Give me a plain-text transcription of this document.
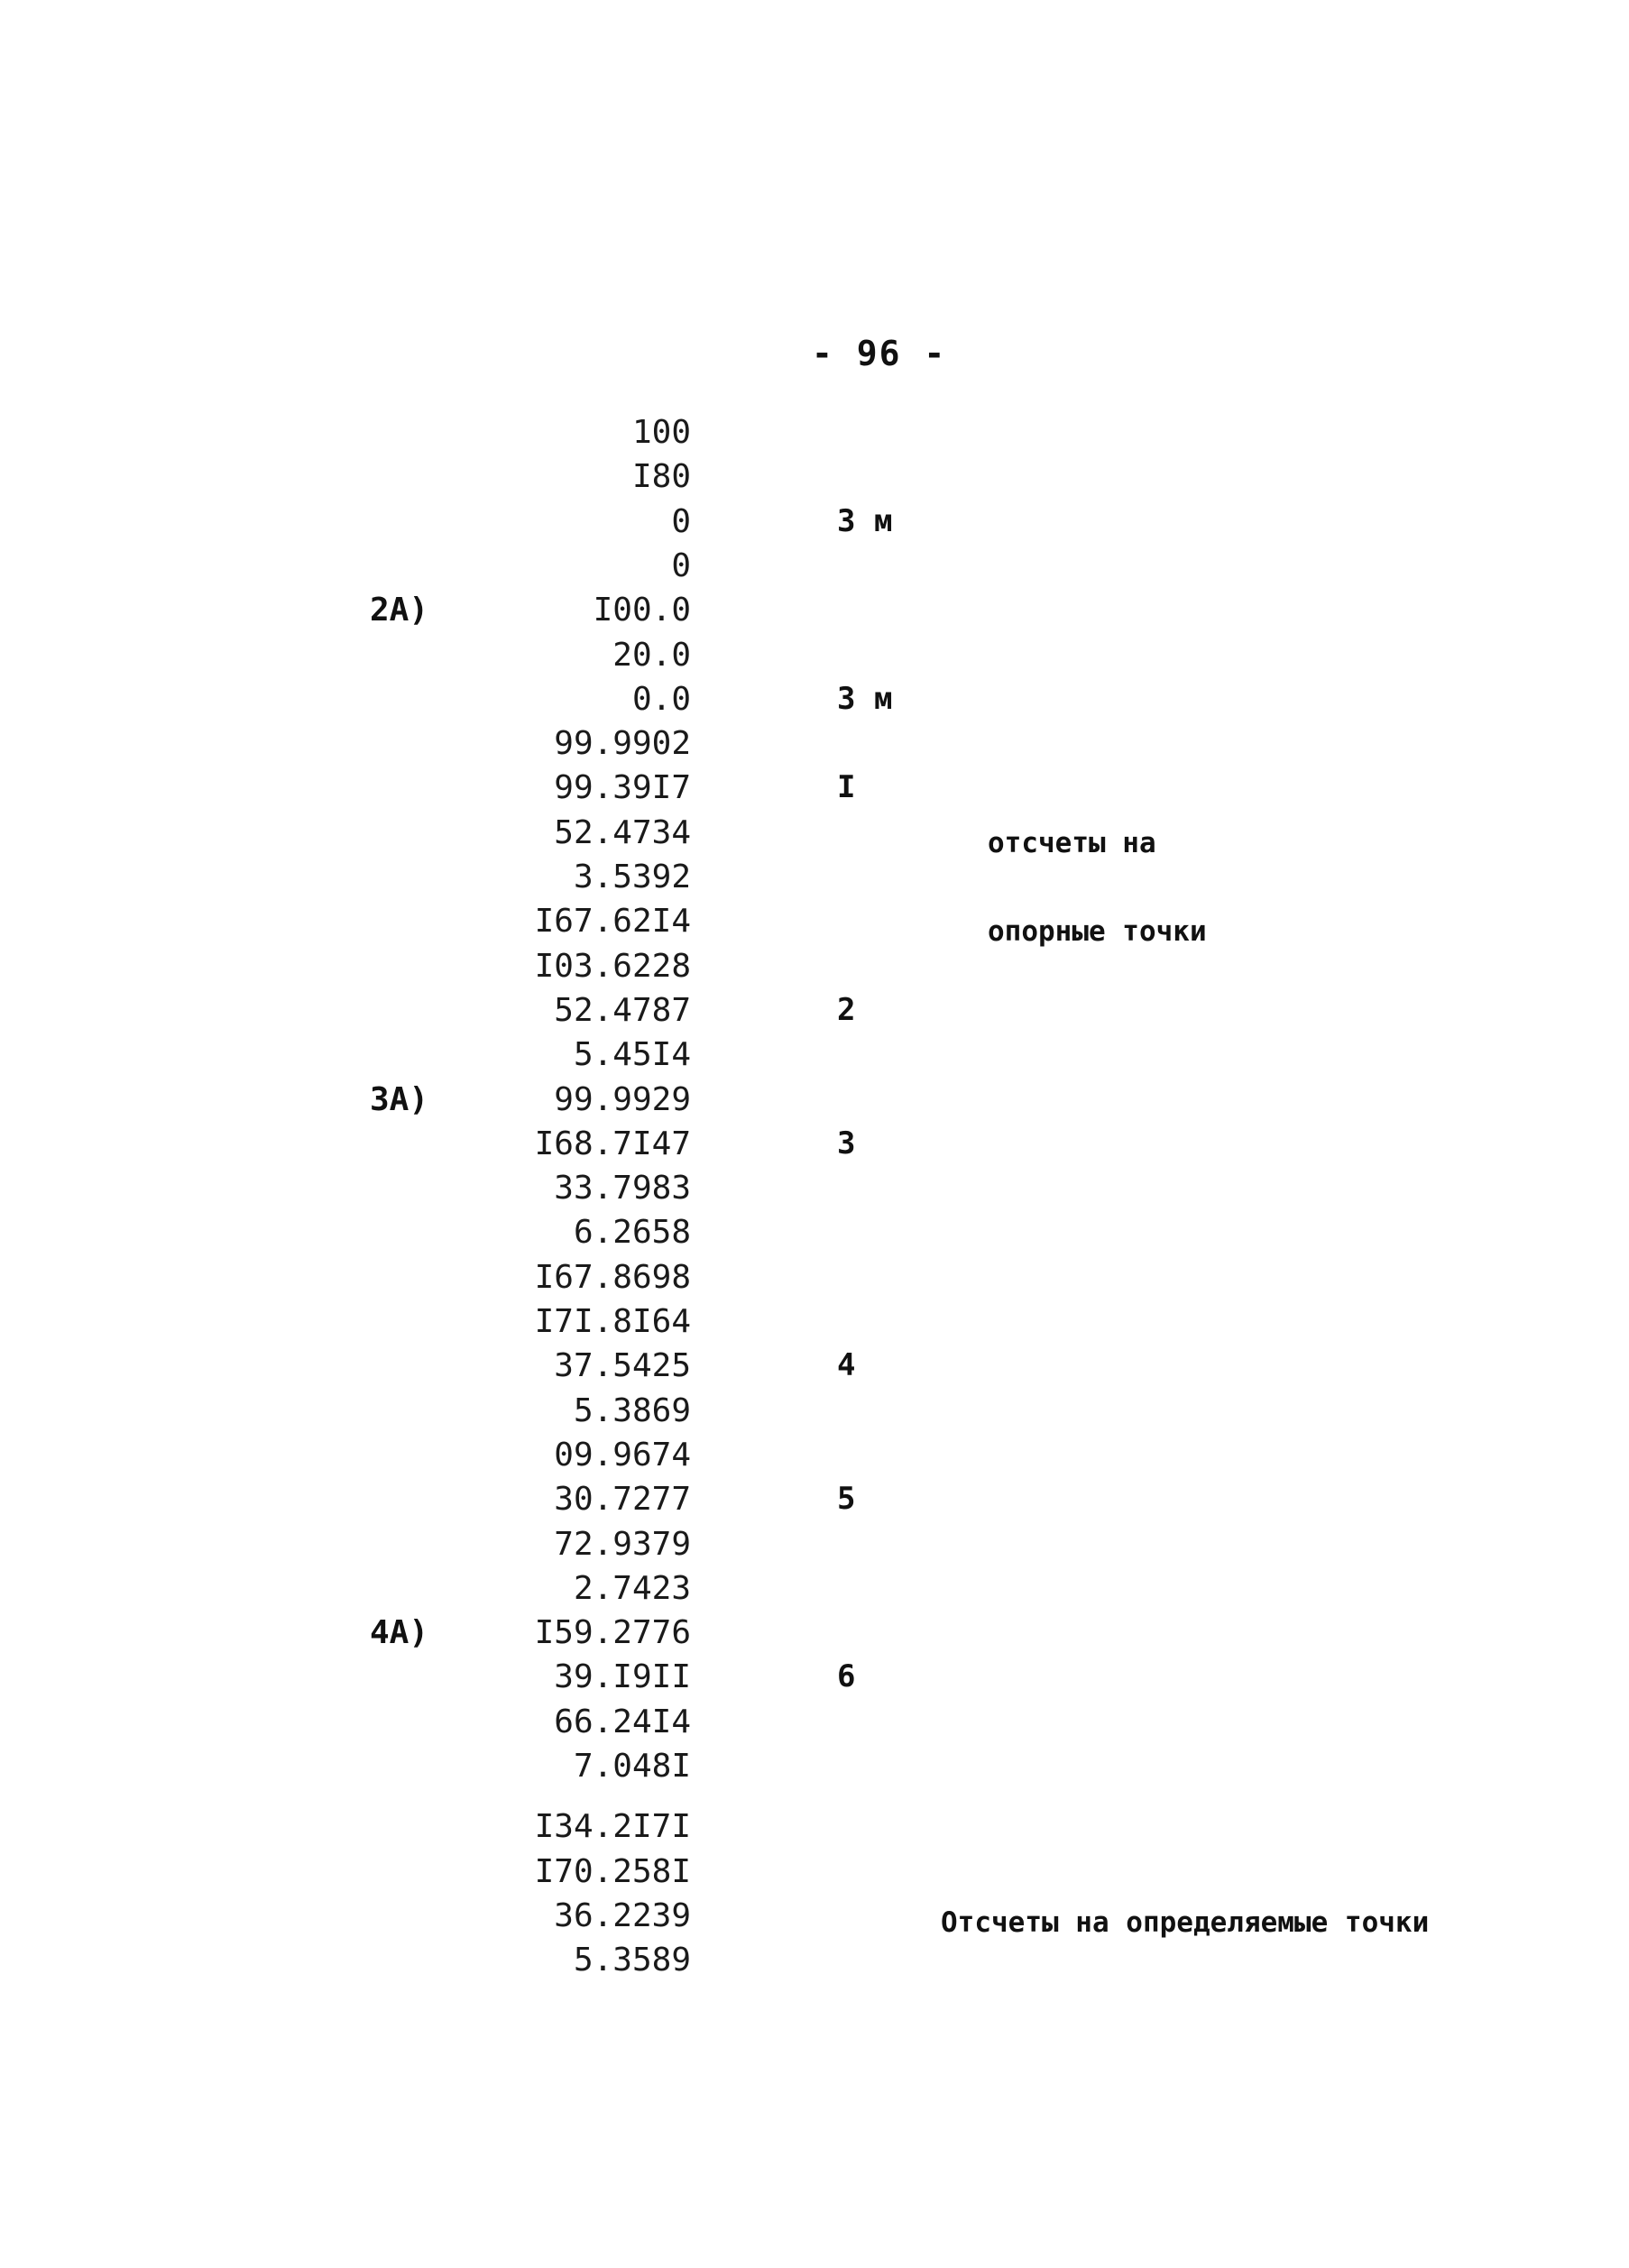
- 96 -
100
I80
0	3 м
0
2А)	I00.0
20.0
0.0	3 м
99.9902
99.39I7	I
52.4734
3.5392
I67.62I4
I03.6228
52.4787	2
5.45I4
3А)	99.9929
I68.7I47	3
33.7983
6.2658
I67.8698
I7I.8I64
37.5425	4
5.3869
09.9674
30.7277	5
72.9379
2.7423
4А)	I59.2776
39.I9II	6
66.24I4
7.048I
I34.2I7I
I70.258I
36.2239
5.3589
отсчеты на
опорные точки
Отсчеты на определяемые точки
